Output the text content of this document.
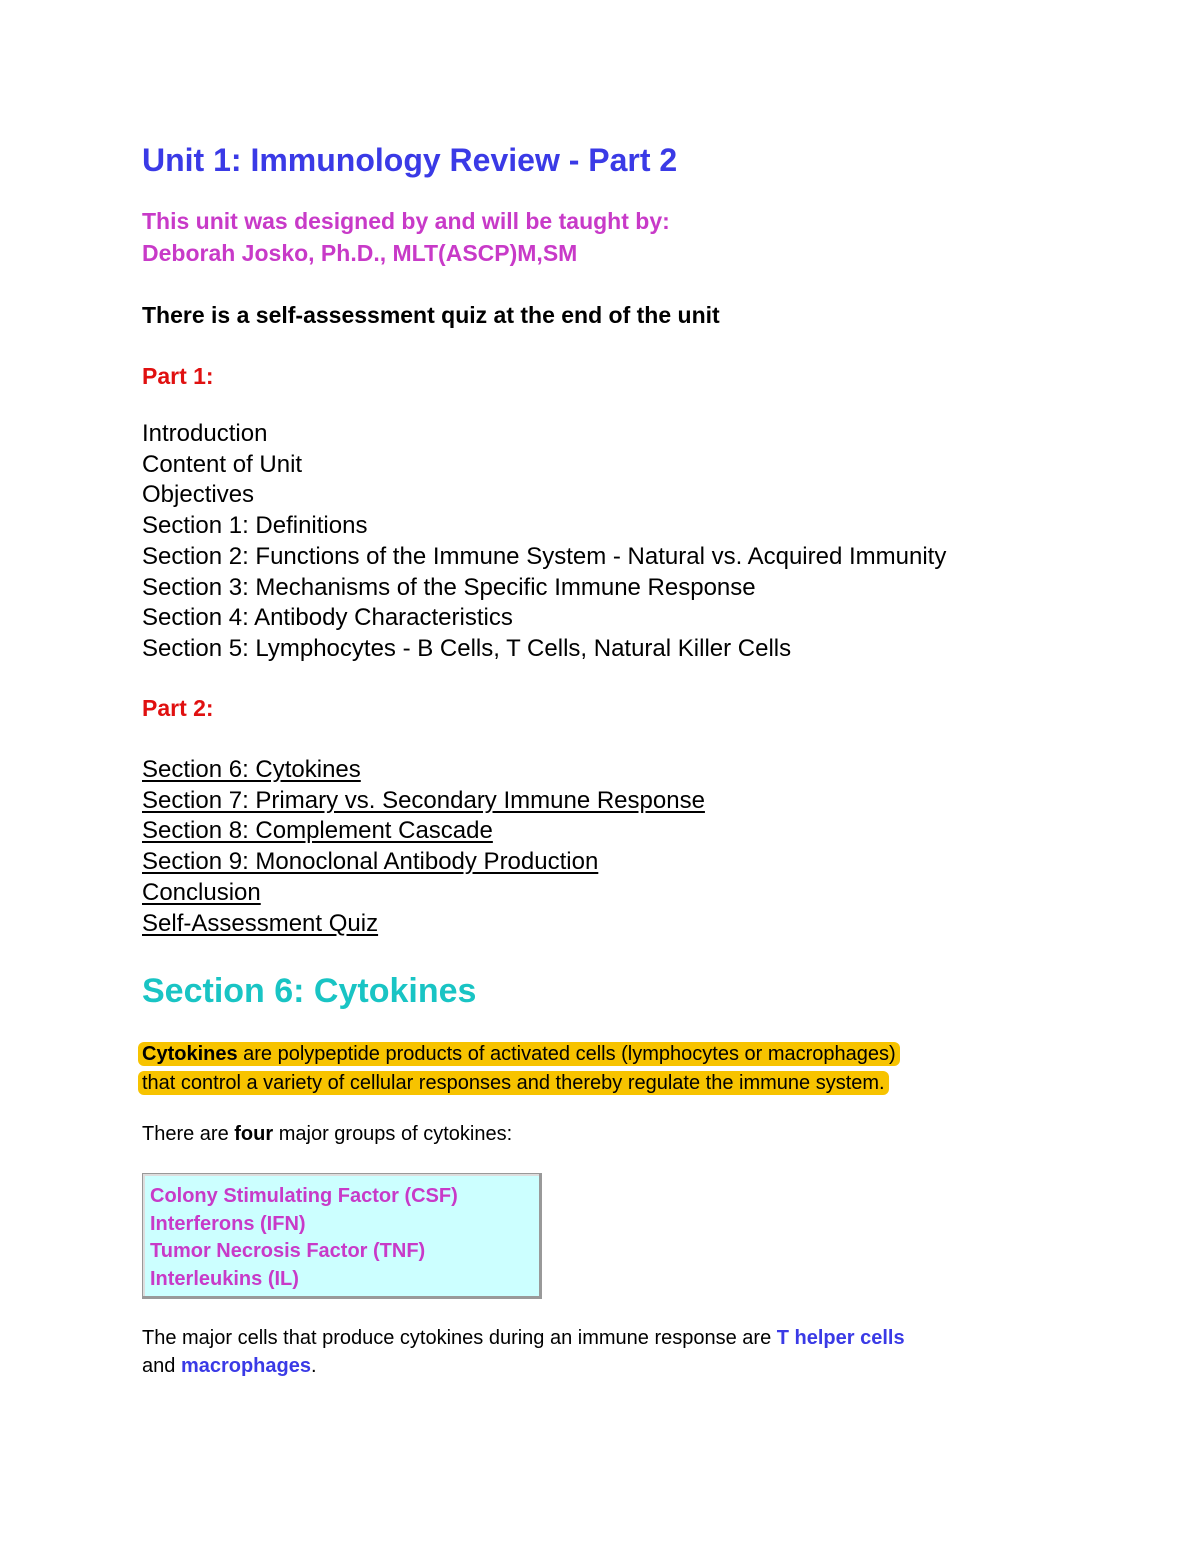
Unit 1: Immunology Review - Part 2
This unit was designed by and will be taught by:
Deborah Josko, Ph.D., MLT(ASCP)M,SM
There is a self-assessment quiz at the end of the unit
Part 1:
Introduction
Content of Unit
Objectives
Section 1: Definitions
Section 2: Functions of the Immune System - Natural vs. Acquired Immunity
Section 3: Mechanisms of the Specific Immune Response
Section 4: Antibody Characteristics
Section 5: Lymphocytes - B Cells, T Cells, Natural Killer Cells
Part 2:
Section 6: Cytokines
Section 7: Primary vs. Secondary Immune Response
Section 8: Complement Cascade
Section 9: Monoclonal Antibody Production
Conclusion
Self-Assessment Quiz
Section 6: Cytokines
Cytokines are polypeptide products of activated cells (lymphocytes or macrophages)
that control a variety of cellular responses and thereby regulate the immune system.
There are four major groups of cytokines:
Colony Stimulating Factor (CSF)
Interferons (IFN)
Tumor Necrosis Factor (TNF)
Interleukins (IL)
The major cells that produce cytokines during an immune response are T helper cells
and macrophages.
